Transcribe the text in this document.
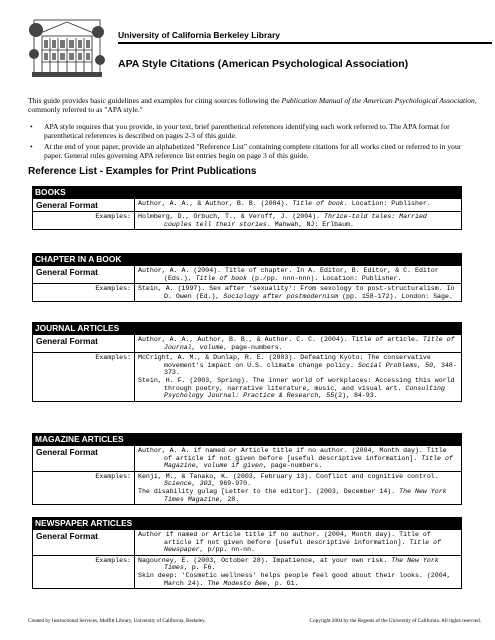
University of California Berkeley Library
APA Style Citations (American Psychological Association)
This guide provides basic guidelines and examples for citing sources following the Publication Manual of the American Psychological Association, commonly referred to as "APA style."
• APA style requires that you provide, in your text, brief parenthetical references identifying each work referred to. The APA format for parenthetical references is described on pages 2-3 of this guide.
• At the end of your paper, provide an alphabetized "Reference List" containing complete citations for all works cited or referred to in your paper. General rules governing APA reference list entries begin on page 3 of this guide.
Reference List - Examples for Print Publications
BOOKS
General Format	Author, A. A., & Author, B. B. (2004). Title of book. Location: Publisher.
Examples:	Holmberg, D., Orbuch, T., & Veroff, J. (2004). Thrice-told tales: Married couples tell their stories. Mahwah, NJ: Erlbaum.
CHAPTER IN A BOOK
General Format	Author, A. A. (2004). Title of chapter. In A. Editor, B. Editor, & C. Editor (Eds.), Title of book (p./pp. nnn-nnn). Location: Publisher.
Examples:	Stein, A. (1997). Sex after 'sexuality': From sexology to post-structuralism. In D. Owen (Ed.), Sociology after postmodernism (pp. 158-172). London: Sage.
JOURNAL ARTICLES
General Format	Author, A. A., Author, B. B., & Author. C. C. (2004). Title of article. Title of Journal, volume, page-numbers.
Examples:	McCright, A. M., & Dunlap, R. E. (2003). Defeating Kyoto: The conservative movement's impact on U.S. climate change policy. Social Problems, 50, 348-373.
Stein, H. F. (2003, Spring). The inner world of workplaces: Accessing this world through poetry, narrative literature, music, and visual art. Consulting Psychology Journal: Practice & Research, 55(2), 84-93.
MAGAZINE ARTICLES
General Format	Author, A. A. if named or Article title if no author. (2004, Month day). Title of article if not given before [useful descriptive information]. Title of Magazine, volume if given, page-numbers.
Examples:	Kenji, M., & Tanako, K. (2003, February 13). Conflict and cognitive control. Science, 303, 969-970.
The disability gulag [Letter to the editor]. (2003, December 14). The New York Times Magazine, 28.
NEWSPAPER ARTICLES
General Format	Author if named or Article title if no author. (2004, Month day). Title of article if not given before [useful descriptive information]. Title of Newspaper, p/pp. nn-nn.
Examples:	Nagourney, E. (2003, October 28). Impatience, at your own risk. The New York Times, p. F6.
Skin deep: 'Cosmetic wellness' helps people feel good about their looks. (2004, March 24). The Modesto Bee, p. G1.
Created by Instructional Services, Moffitt Library, University of California, Berkeley.	Copyright 2004 by the Regents of the University of California. All rights reserved.
